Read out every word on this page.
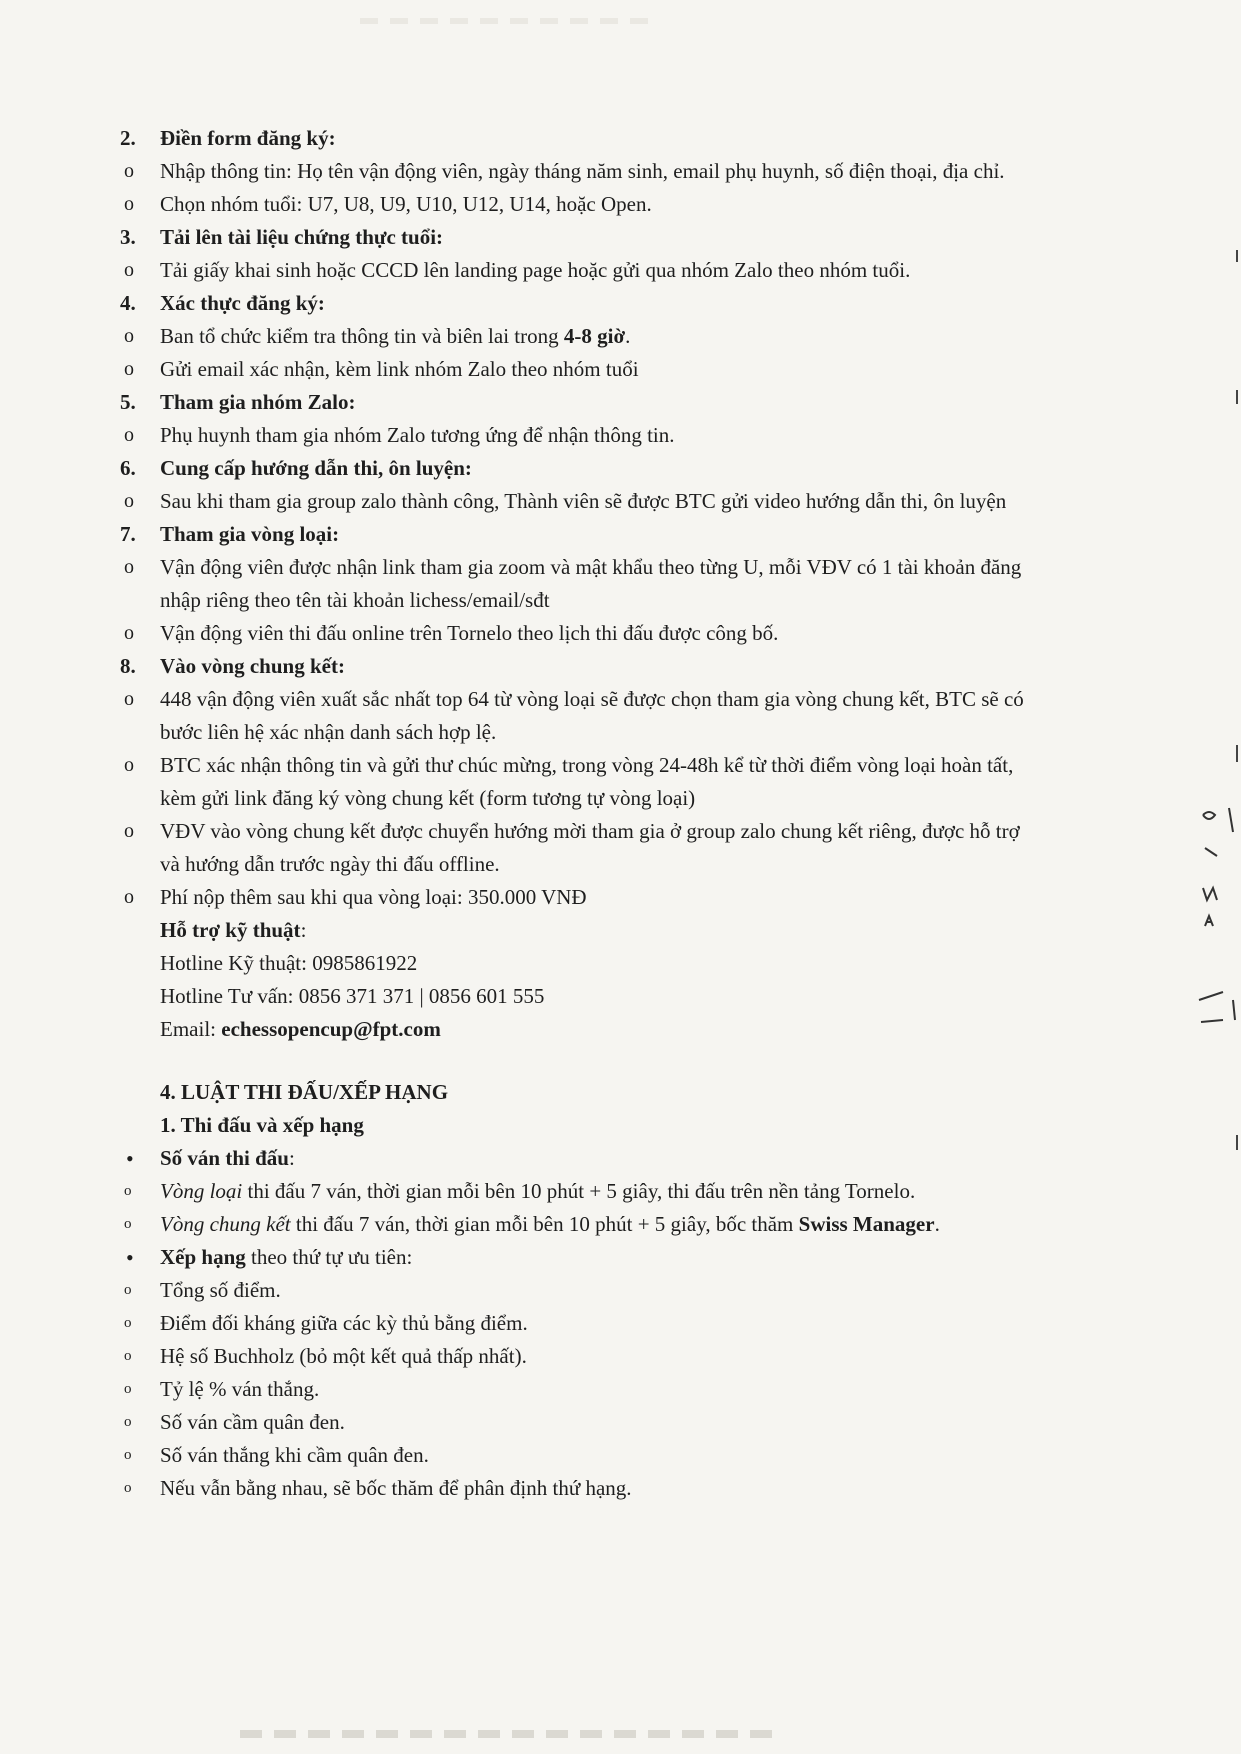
2.	Điền form đăng ký:
o	Nhập thông tin: Họ tên vận động viên, ngày tháng năm sinh, email phụ huynh, số điện thoại, địa chỉ.
o	Chọn nhóm tuổi: U7, U8, U9, U10, U12, U14, hoặc Open.
3.	Tải lên tài liệu chứng thực tuổi:
o	Tải giấy khai sinh hoặc CCCD lên landing page hoặc gửi qua nhóm Zalo theo nhóm tuổi.
4.	Xác thực đăng ký:
o	Ban tổ chức kiểm tra thông tin và biên lai trong 4-8 giờ.
o	Gửi email xác nhận, kèm link nhóm Zalo theo nhóm tuổi
5.	Tham gia nhóm Zalo:
o	Phụ huynh tham gia nhóm Zalo tương ứng để nhận thông tin.
6.	Cung cấp hướng dẫn thi, ôn luyện:
o	Sau khi tham gia group zalo thành công, Thành viên sẽ được BTC gửi video hướng dẫn thi, ôn luyện
7.	Tham gia vòng loại:
o	Vận động viên được nhận link tham gia zoom và mật khẩu theo từng U, mỗi VĐV có 1 tài khoản đăng
nhập riêng theo tên tài khoản lichess/email/sđt
o	Vận động viên thi đấu online trên Tornelo theo lịch thi đấu được công bố.
8.	Vào vòng chung kết:
o	448 vận động viên xuất sắc nhất top 64 từ vòng loại sẽ được chọn tham gia vòng chung kết, BTC sẽ có
bước liên hệ xác nhận danh sách hợp lệ.
o	BTC xác nhận thông tin và gửi thư chúc mừng, trong vòng 24-48h kể từ thời điểm vòng loại hoàn tất,
kèm gửi link đăng ký vòng chung kết (form tương tự vòng loại)
o	VĐV vào vòng chung kết được chuyển hướng mời tham gia ở group zalo chung kết riêng, được hỗ trợ
và hướng dẫn trước ngày thi đấu offline.
o	Phí nộp thêm sau khi qua vòng loại: 350.000 VNĐ
Hỗ trợ kỹ thuật:
Hotline Kỹ thuật: 0985861922
Hotline Tư vấn: 0856 371 371 | 0856 601 555
Email: echessopencup@fpt.com
4. LUẬT THI ĐẤU/XẾP HẠNG
1. Thi đấu và xếp hạng
•	Số ván thi đấu:
o	Vòng loại thi đấu 7 ván, thời gian mỗi bên 10 phút + 5 giây, thi đấu trên nền tảng Tornelo.
o	Vòng chung kết thi đấu 7 ván, thời gian mỗi bên 10 phút + 5 giây, bốc thăm Swiss Manager.
•	Xếp hạng theo thứ tự ưu tiên:
o	Tổng số điểm.
o	Điểm đối kháng giữa các kỳ thủ bằng điểm.
o	Hệ số Buchholz (bỏ một kết quả thấp nhất).
o	Tỷ lệ % ván thắng.
o	Số ván cầm quân đen.
o	Số ván thắng khi cầm quân đen.
o	Nếu vẫn bằng nhau, sẽ bốc thăm để phân định thứ hạng.
